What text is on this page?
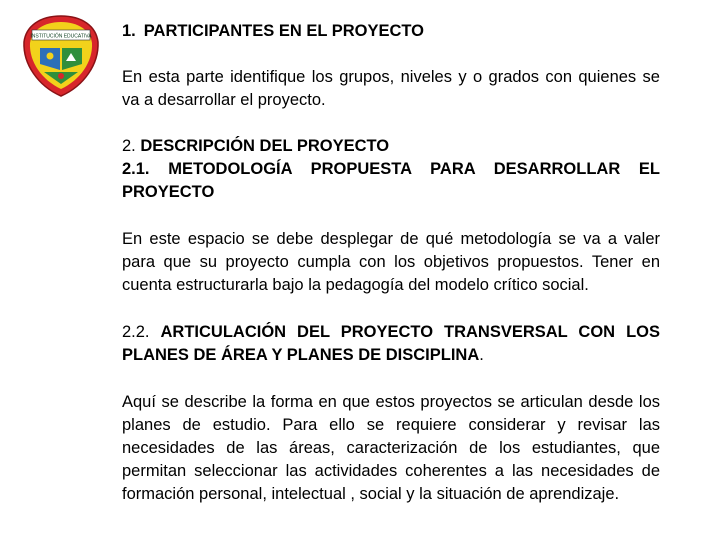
INSTITUCIÓN EDUCATIVA 1. PARTICIPANTES EN EL PROYECTO

En esta parte identifique los grupos, niveles y o grados con quienes se va a desarrollar el proyecto.

2. DESCRIPCIÓN DEL PROYECTO

2.1. METODOLOGÍA PROPUESTA PARA DESARROLLAR EL PROYECTO

En este espacio se debe desplegar de qué metodología se va a valer para que su proyecto cumpla con los objetivos propuestos. Tener en cuenta estructurarla bajo la pedagogía del modelo crítico social.

2.2. ARTICULACIÓN DEL PROYECTO TRANSVERSAL CON LOS PLANES DE ÁREA Y PLANES DE DISCIPLINA.

Aquí se describe la forma en que estos proyectos se articulan desde los planes de estudio. Para ello se requiere considerar y revisar las necesidades de las áreas, caracterización de los estudiantes, que permitan seleccionar las actividades coherentes a las necesidades de formación personal, intelectual , social y la situación de aprendizaje.
